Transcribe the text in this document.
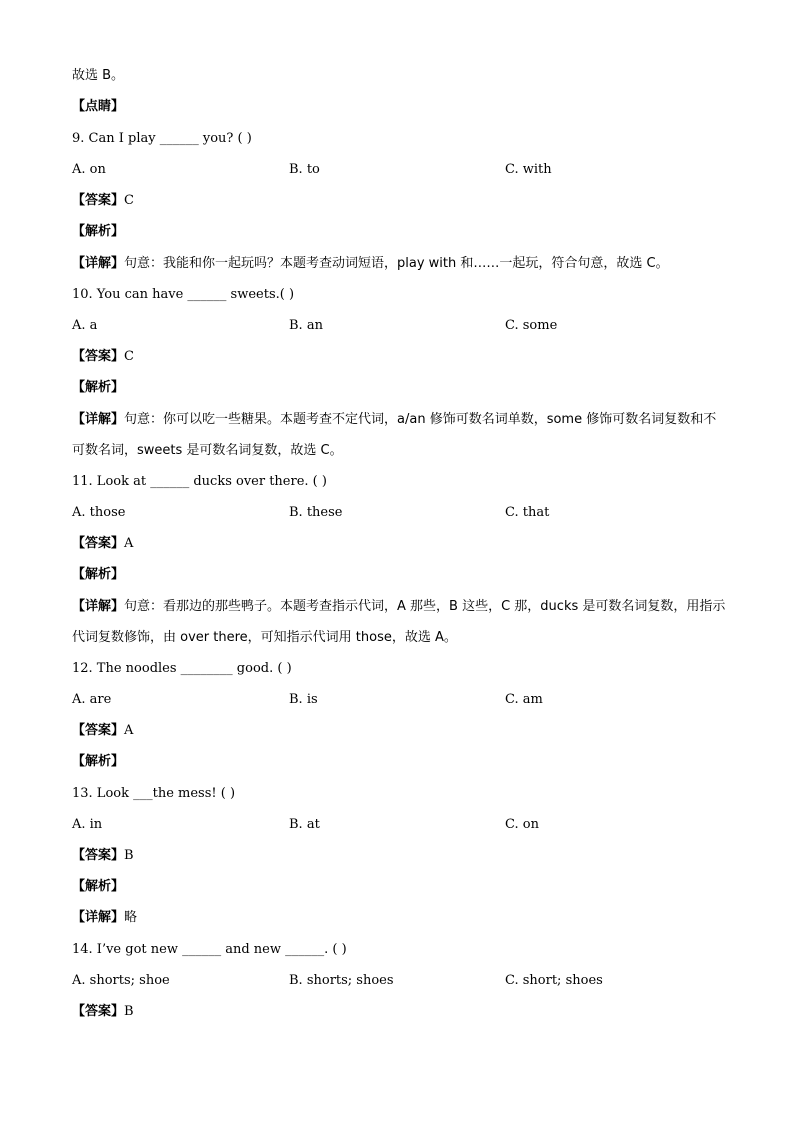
故选 B。
【点睛】
9. Can I play ______ you? ( )
A. on	B. to	C. with
【答案】C
【解析】
【详解】句意：我能和你一起玩吗？本题考查动词短语，play with 和……一起玩，符合句意，故选 C。
10. You can have ______ sweets.( )
A. a	B. an	C. some
【答案】C
【解析】
【详解】句意：你可以吃一些糖果。本题考查不定代词，a/an 修饰可数名词单数，some 修饰可数名词复数和不可数名词，sweets 是可数名词复数，故选 C。
11. Look at ______ ducks over there. ( )
A. those	B. these	C. that
【答案】A
【解析】
【详解】句意：看那边的那些鸭子。本题考查指示代词，A 那些，B 这些，C 那，ducks 是可数名词复数，用指示代词复数修饰，由 over there，可知指示代词用 those，故选 A。
12. The noodles ________ good. ( )
A. are	B. is	C. am
【答案】A
【解析】
13. Look ___the mess! ( )
A. in	B. at	C. on
【答案】B
【解析】
【详解】略
14. I’ve got new ______ and new ______. ( )
A. shorts; shoe	B. shorts; shoes	C. short; shoes
【答案】B
